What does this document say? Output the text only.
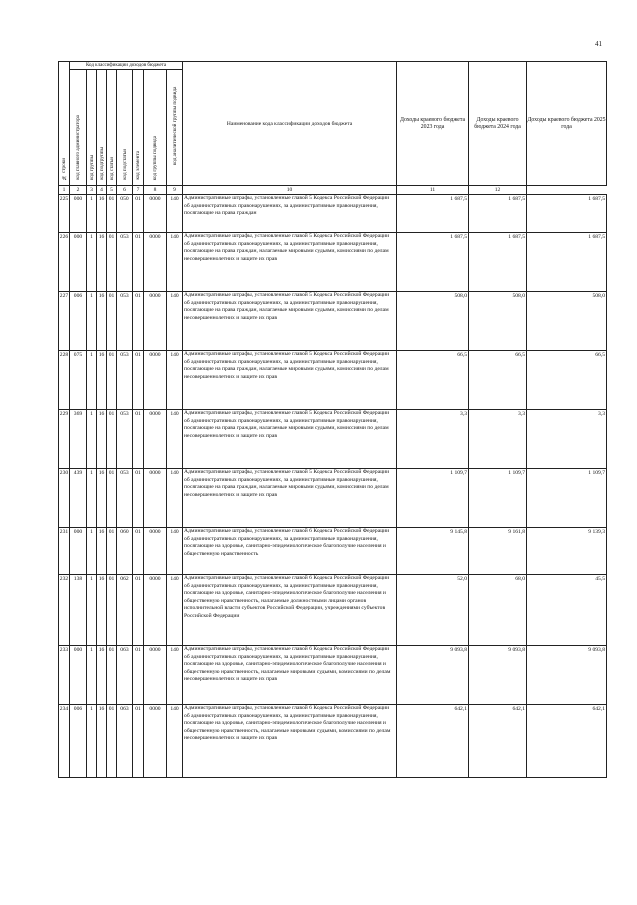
41
№ строки	Код классификации доходов бюджета								Наименование кода классификации доходов бюджета	Доходы краевого бюджета 2023 года	Доходы краевого бюджета 2024 года	Доходы краевого бюджета 2025 года
	код главного администратора	код группы	код подгруппы	код статьи	код подстатьи	код элемента	код группы подвида	код аналитической группы подвида				
1	2	3	4	5	6	7	8	9	10	11	12	
225	000	1	16	01	050	01	0000	140	Административные штрафы, установленные главой 5 Кодекса Российской Федерации об административных правонарушениях, за административные правонарушения, посягающие на права граждан	1 687,5	1 687,5	1 687,5
226	000	1	16	01	053	01	0000	140	Административные штрафы, установленные главой 5 Кодекса Российской Федерации об административных правонарушениях, за административные правонарушения, посягающие на права граждан, налагаемые мировыми судьями, комиссиями по делам несовершеннолетних и защите их прав	1 687,5	1 687,5	1 687,5
227	006	1	16	01	053	01	0000	140	Административные штрафы, установленные главой 5 Кодекса Российской Федерации об административных правонарушениях, за административные правонарушения, посягающие на права граждан, налагаемые мировыми судьями, комиссиями по делам несовершеннолетних и защите их прав	508,0	508,0	508,0
228	075	1	16	01	053	01	0000	140	Административные штрафы, установленные главой 5 Кодекса Российской Федерации об административных правонарушениях, за административные правонарушения, посягающие на права граждан, налагаемые мировыми судьями, комиссиями по делам несовершеннолетних и защите их прав	66,5	66,5	66,5
229	369	1	16	01	053	01	0000	140	Административные штрафы, установленные главой 5 Кодекса Российской Федерации об административных правонарушениях, за административные правонарушения, посягающие на права граждан, налагаемые мировыми судьями, комиссиями по делам несовершеннолетних и защите их прав	3,3	3,3	3,3
230	439	1	16	01	053	01	0000	140	Административные штрафы, установленные главой 5 Кодекса Российской Федерации об административных правонарушениях, за административные правонарушения, посягающие на права граждан, налагаемые мировыми судьями, комиссиями по делам несовершеннолетних и защите их прав	1 109,7	1 109,7	1 109,7
231	000	1	16	01	060	01	0000	140	Административные штрафы, установленные главой 6 Кодекса Российской Федерации об административных правонарушениях, за административные правонарушения, посягающие на здоровье, санитарно-эпидемиологическое благополучие населения и общественную нравственность	9 145,8	9 161,8	9 139,3
232	138	1	16	01	062	01	0000	140	Административные штрафы, установленные главой 6 Кодекса Российской Федерации об административных правонарушениях, за административные правонарушения, посягающие на здоровье, санитарно-эпидемиологическое благополучие населения и общественную нравственность, налагаемые должностными лицами органов исполнительной власти субъектов Российской Федерации, учреждениями субъектов Российской Федерации	52,0	68,0	45,5
233	000	1	16	01	063	01	0000	140	Административные штрафы, установленные главой 6 Кодекса Российской Федерации об административных правонарушениях, за административные правонарушения, посягающие на здоровье, санитарно-эпидемиологическое благополучие населения и общественную нравственность, налагаемые мировыми судьями, комиссиями по делам несовершеннолетних и защите их прав	9 093,8	9 093,8	9 093,8
234	006	1	16	01	063	01	0000	140	Административные штрафы, установленные главой 6 Кодекса Российской Федерации об административных правонарушениях, за административные правонарушения, посягающие на здоровье, санитарно-эпидемиологическое благополучие населения и общественную нравственность, налагаемые мировыми судьями, комиссиями по делам несовершеннолетних и защите их прав	642,1	642,1	642,1
